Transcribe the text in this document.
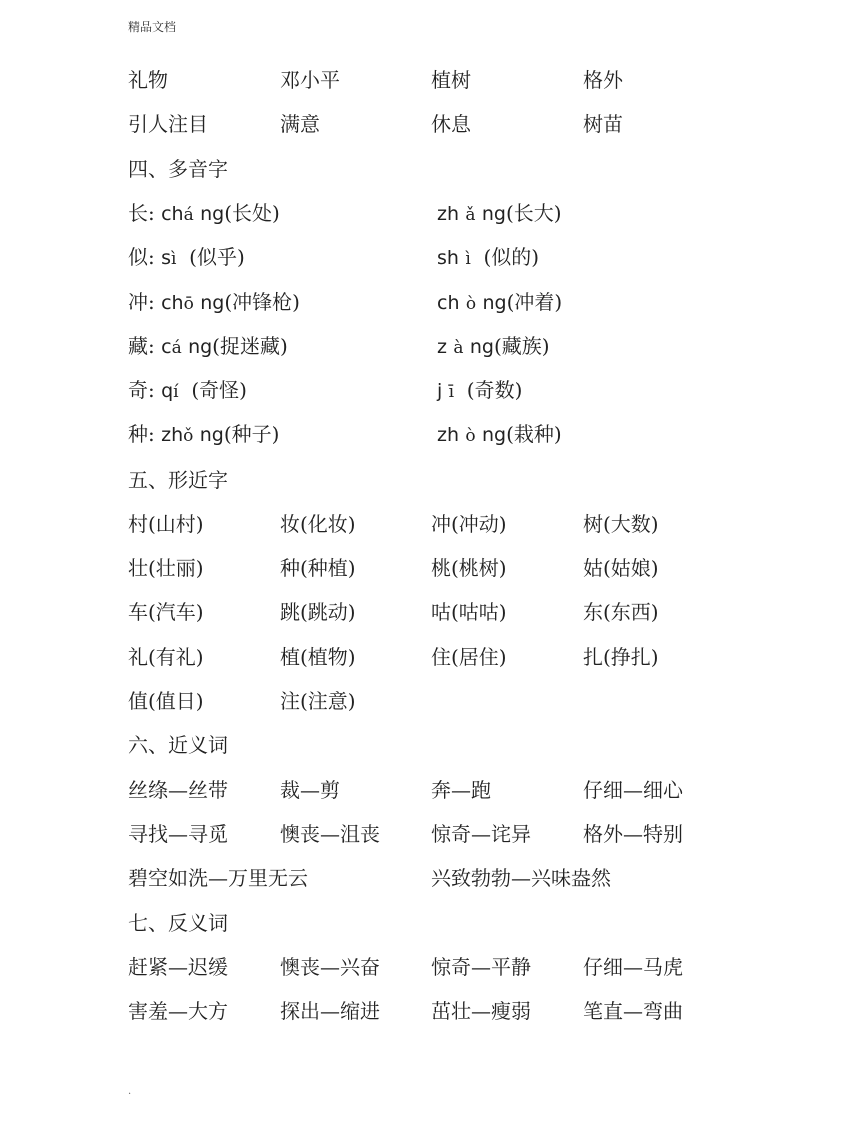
精品文档
礼物	邓小平	植树	格外
引人注目	满意	休息	树苗
四、多音字
长: chá ng(长处)	zh ǎ ng(长大)
似: sì (似乎)	sh ì (似的)
冲: chō ng(冲锋枪)	ch ò ng(冲着)
藏: cá ng(捉迷藏)	z à ng(藏族)
奇: qí (奇怪)	j ī (奇数)
种: zhǒ ng(种子)	zh ò ng(栽种)
五、形近字
村(山村)	妆(化妆)	冲(冲动)	树(大数)
壮(壮丽)	种(种植)	桃(桃树)	姑(姑娘)
车(汽车)	跳(跳动)	咕(咕咕)	东(东西)
礼(有礼)	植(植物)	住(居住)	扎(挣扎)
值(值日)	注(注意)
六、近义词
丝绦—丝带	裁—剪	奔—跑	仔细—细心
寻找—寻觅	懊丧—沮丧	惊奇—诧异	格外—特别
碧空如洗—万里无云	兴致勃勃—兴味盎然
七、反义词
赶紧—迟缓	懊丧—兴奋	惊奇—平静	仔细—马虎
害羞—大方	探出—缩进	茁壮—瘦弱	笔直—弯曲
.
